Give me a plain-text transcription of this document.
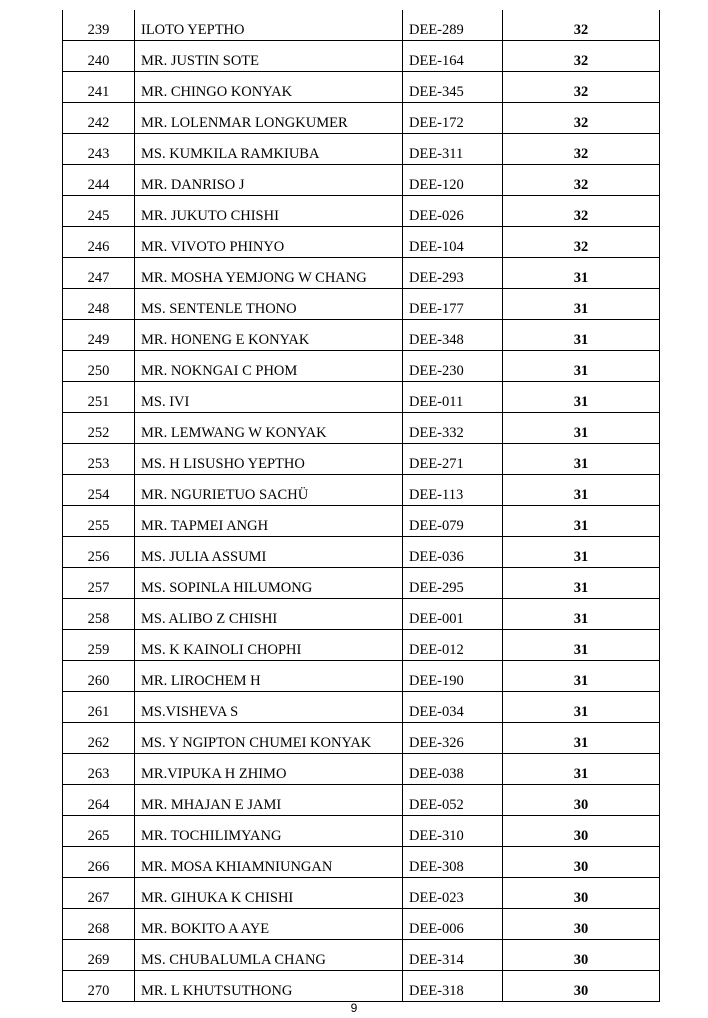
239	ILOTO YEPTHO	DEE-289	32
240	MR. JUSTIN SOTE	DEE-164	32
241	MR. CHINGO KONYAK	DEE-345	32
242	MR. LOLENMAR LONGKUMER	DEE-172	32
243	MS. KUMKILA RAMKIUBA	DEE-311	32
244	MR. DANRISO J	DEE-120	32
245	MR. JUKUTO CHISHI	DEE-026	32
246	MR. VIVOTO PHINYO	DEE-104	32
247	MR. MOSHA YEMJONG W CHANG	DEE-293	31
248	MS. SENTENLE THONO	DEE-177	31
249	MR. HONENG E KONYAK	DEE-348	31
250	MR. NOKNGAI C PHOM	DEE-230	31
251	MS. IVI	DEE-011	31
252	MR. LEMWANG W KONYAK	DEE-332	31
253	MS. H LISUSHO YEPTHO	DEE-271	31
254	MR. NGURIETUO SACHÜ	DEE-113	31
255	MR. TAPMEI ANGH	DEE-079	31
256	MS. JULIA ASSUMI	DEE-036	31
257	MS. SOPINLA HILUMONG	DEE-295	31
258	MS. ALIBO Z CHISHI	DEE-001	31
259	MS. K KAINOLI CHOPHI	DEE-012	31
260	MR. LIROCHEM H	DEE-190	31
261	MS.VISHEVA S	DEE-034	31
262	MS. Y NGIPTON CHUMEI KONYAK	DEE-326	31
263	MR.VIPUKA H ZHIMO	DEE-038	31
264	MR. MHAJAN E JAMI	DEE-052	30
265	MR. TOCHILIMYANG	DEE-310	30
266	MR. MOSA KHIAMNIUNGAN	DEE-308	30
267	MR. GIHUKA K CHISHI	DEE-023	30
268	MR. BOKITO A AYE	DEE-006	30
269	MS. CHUBALUMLA CHANG	DEE-314	30
270	MR. L KHUTSUTHONG	DEE-318	30
9
